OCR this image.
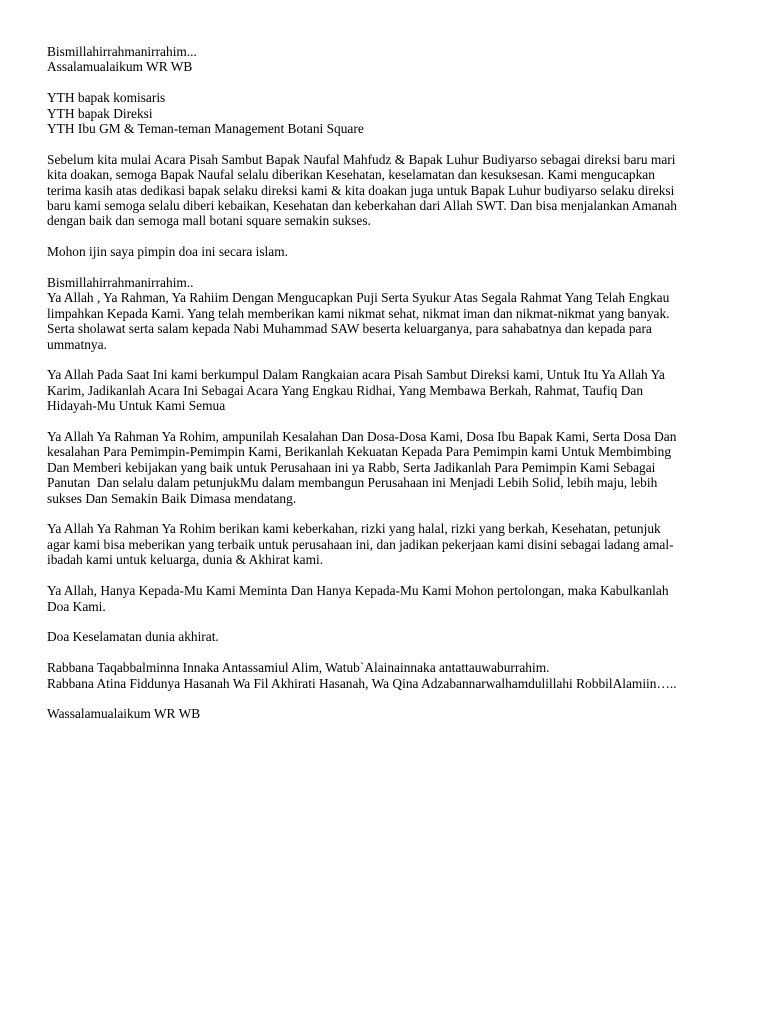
Bismillahirrahmanirrahim...
Assalamualaikum WR WB
YTH bapak komisaris
YTH bapak Direksi
YTH Ibu GM & Teman-teman Management Botani Square
Sebelum kita mulai Acara Pisah Sambut Bapak Naufal Mahfudz & Bapak Luhur Budiyarso sebagai direksi baru mari
kita doakan, semoga Bapak Naufal selalu diberikan Kesehatan, keselamatan dan kesuksesan. Kami mengucapkan
terima kasih atas dedikasi bapak selaku direksi kami & kita doakan juga untuk Bapak Luhur budiyarso selaku direksi
baru kami semoga selalu diberi kebaikan, Kesehatan dan keberkahan dari Allah SWT. Dan bisa menjalankan Amanah
dengan baik dan semoga mall botani square semakin sukses.
Mohon ijin saya pimpin doa ini secara islam.
Bismillahirrahmanirrahim..
Ya Allah , Ya Rahman, Ya Rahiim Dengan Mengucapkan Puji Serta Syukur Atas Segala Rahmat Yang Telah Engkau
limpahkan Kepada Kami. Yang telah memberikan kami nikmat sehat, nikmat iman dan nikmat-nikmat yang banyak.
Serta sholawat serta salam kepada Nabi Muhammad SAW beserta keluarganya, para sahabatnya dan kepada para
ummatnya.
Ya Allah Pada Saat Ini kami berkumpul Dalam Rangkaian acara Pisah Sambut Direksi kami, Untuk Itu Ya Allah Ya
Karim, Jadikanlah Acara Ini Sebagai Acara Yang Engkau Ridhai, Yang Membawa Berkah, Rahmat, Taufiq Dan
Hidayah-Mu Untuk Kami Semua
Ya Allah Ya Rahman Ya Rohim, ampunilah Kesalahan Dan Dosa-Dosa Kami, Dosa Ibu Bapak Kami, Serta Dosa Dan
kesalahan Para Pemimpin-Pemimpin Kami, Berikanlah Kekuatan Kepada Para Pemimpin kami Untuk Membimbing
Dan Memberi kebijakan yang baik untuk Perusahaan ini ya Rabb, Serta Jadikanlah Para Pemimpin Kami Sebagai
Panutan  Dan selalu dalam petunjukMu dalam membangun Perusahaan ini Menjadi Lebih Solid, lebih maju, lebih
sukses Dan Semakin Baik Dimasa mendatang.
Ya Allah Ya Rahman Ya Rohim berikan kami keberkahan, rizki yang halal, rizki yang berkah, Kesehatan, petunjuk
agar kami bisa meberikan yang terbaik untuk perusahaan ini, dan jadikan pekerjaan kami disini sebagai ladang amal-
ibadah kami untuk keluarga, dunia & Akhirat kami.
Ya Allah, Hanya Kepada-Mu Kami Meminta Dan Hanya Kepada-Mu Kami Mohon pertolongan, maka Kabulkanlah
Doa Kami.
Doa Keselamatan dunia akhirat.
Rabbana Taqabbalminna Innaka Antassamiul Alim, Watub`Alainainnaka antattauwaburrahim.
Rabbana Atina Fiddunya Hasanah Wa Fil Akhirati Hasanah, Wa Qina Adzabannarwalhamdulillahi RobbilAlamiin…..
Wassalamualaikum WR WB
